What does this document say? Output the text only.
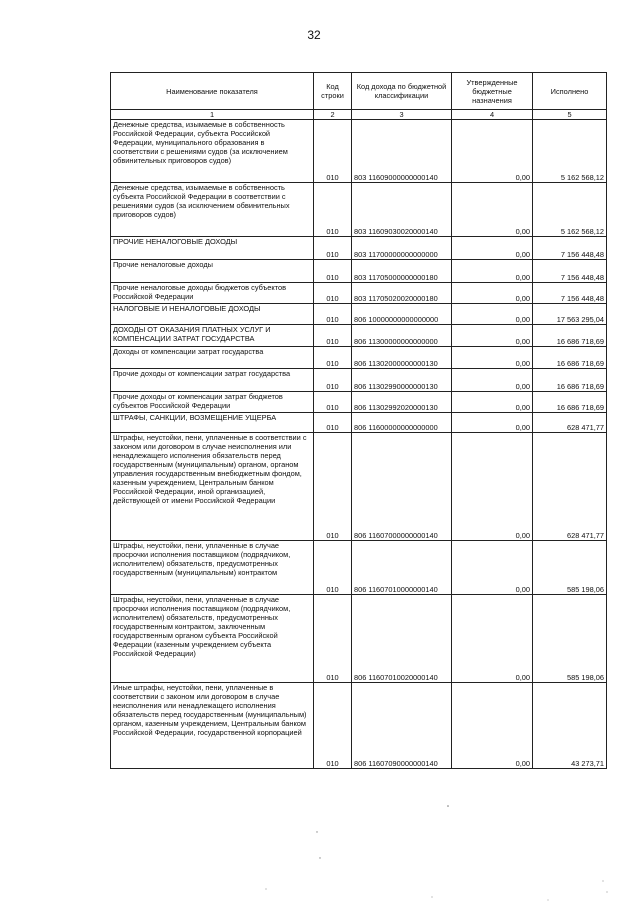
32
Наименование показателя	Код строки	Код дохода по бюджетной классификации	Утвержденные бюджетные назначения	Исполнено
1	2	3	4	5
Денежные средства, изымаемые в собственность Российской Федерации, субъекта Российской Федерации, муниципального образования в соответствии с решениями судов (за исключением обвинительных приговоров судов)	010	803 11609000000000140	0,00	5 162 568,12
Денежные средства, изымаемые в собственность субъекта Российской Федерации в соответствии с решениями судов (за исключением обвинительных приговоров судов)	010	803 11609030020000140	0,00	5 162 568,12
ПРОЧИЕ НЕНАЛОГОВЫЕ ДОХОДЫ	010	803 11700000000000000	0,00	7 156 448,48
Прочие неналоговые доходы	010	803 11705000000000180	0,00	7 156 448,48
Прочие неналоговые доходы бюджетов субъектов Российской Федерации	010	803 11705020020000180	0,00	7 156 448,48
НАЛОГОВЫЕ И НЕНАЛОГОВЫЕ ДОХОДЫ	010	806 10000000000000000	0,00	17 563 295,04
ДОХОДЫ ОТ ОКАЗАНИЯ ПЛАТНЫХ УСЛУГ И КОМПЕНСАЦИИ ЗАТРАТ ГОСУДАРСТВА	010	806 11300000000000000	0,00	16 686 718,69
Доходы от компенсации затрат государства	010	806 11302000000000130	0,00	16 686 718,69
Прочие доходы от компенсации затрат государства	010	806 11302990000000130	0,00	16 686 718,69
Прочие доходы от компенсации затрат бюджетов субъектов Российской Федерации	010	806 11302992020000130	0,00	16 686 718,69
ШТРАФЫ, САНКЦИИ, ВОЗМЕЩЕНИЕ УЩЕРБА	010	806 11600000000000000	0,00	628 471,77
Штрафы, неустойки, пени, уплаченные в соответствии с законом или договором в случае неисполнения или ненадлежащего исполнения обязательств перед государственным (муниципальным) органом, органом управления государственным внебюджетным фондом, казенным учреждением, Центральным банком Российской Федерации, иной организацией, действующей от имени Российской Федерации	010	806 11607000000000140	0,00	628 471,77
Штрафы, неустойки, пени, уплаченные в случае просрочки исполнения поставщиком (подрядчиком, исполнителем) обязательств, предусмотренных государственным (муниципальным) контрактом	010	806 11607010000000140	0,00	585 198,06
Штрафы, неустойки, пени, уплаченные в случае просрочки исполнения поставщиком (подрядчиком, исполнителем) обязательств, предусмотренных государственным контрактом, заключенным государственным органом субъекта Российской Федерации (казенным учреждением субъекта Российской Федерации)	010	806 11607010020000140	0,00	585 198,06
Иные штрафы, неустойки, пени, уплаченные в соответствии с законом или договором в случае неисполнения или ненадлежащего исполнения обязательств перед государственным (муниципальным) органом, казенным учреждением, Центральным банком Российской Федерации, государственной корпорацией	010	806 11607090000000140	0,00	43 273,71
